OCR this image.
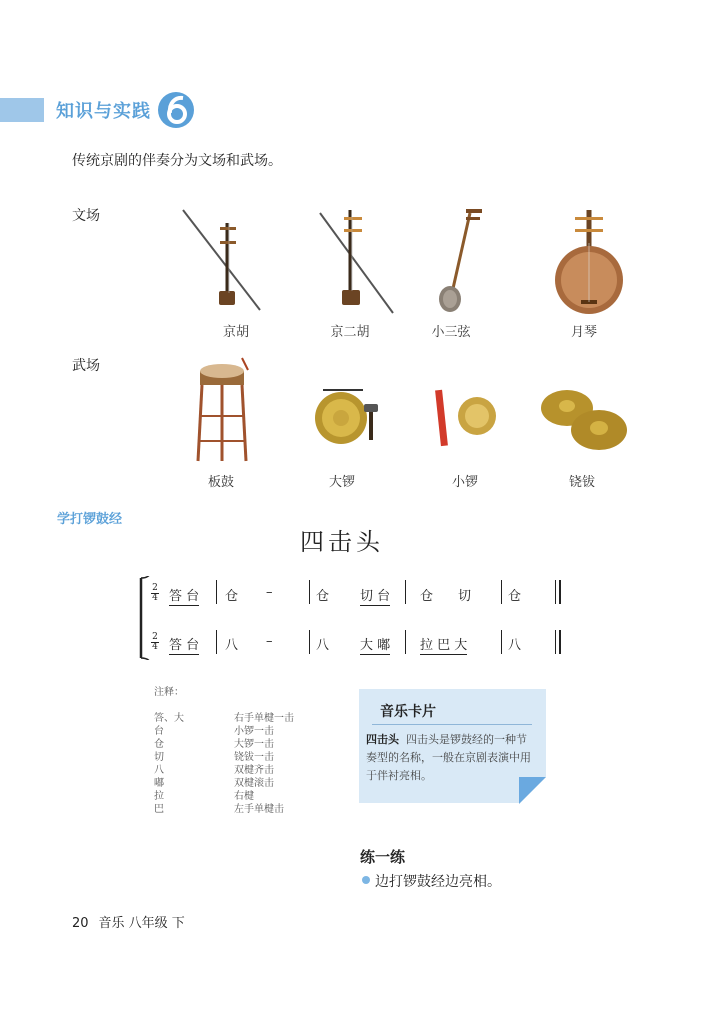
知识与实践
传统京剧的伴奏分为文场和武场。
文场
京胡	京二胡	小三弦	月琴
武场
板鼓	大锣	小锣	铙钹
学打锣鼓经
四击头
2
4 答 台 仓 –	仓 切 台 仓 切	仓
2
4 答 台 八 –	八 大 嘟 拉 巴 大	八
注释：
答、大	右手单楗一击
台	小锣一击
仓	大锣一击
切	铙钹一击
八	双楗齐击
嘟	双楗滚击
拉	右楗
巴	左手单楗击
音乐卡片
四击头 四击头是锣鼓经的一种节奏型的名称，一般在京剧表演中用于伴衬亮相。
练一练
边打锣鼓经边亮相。
20 音乐 八年级 下
